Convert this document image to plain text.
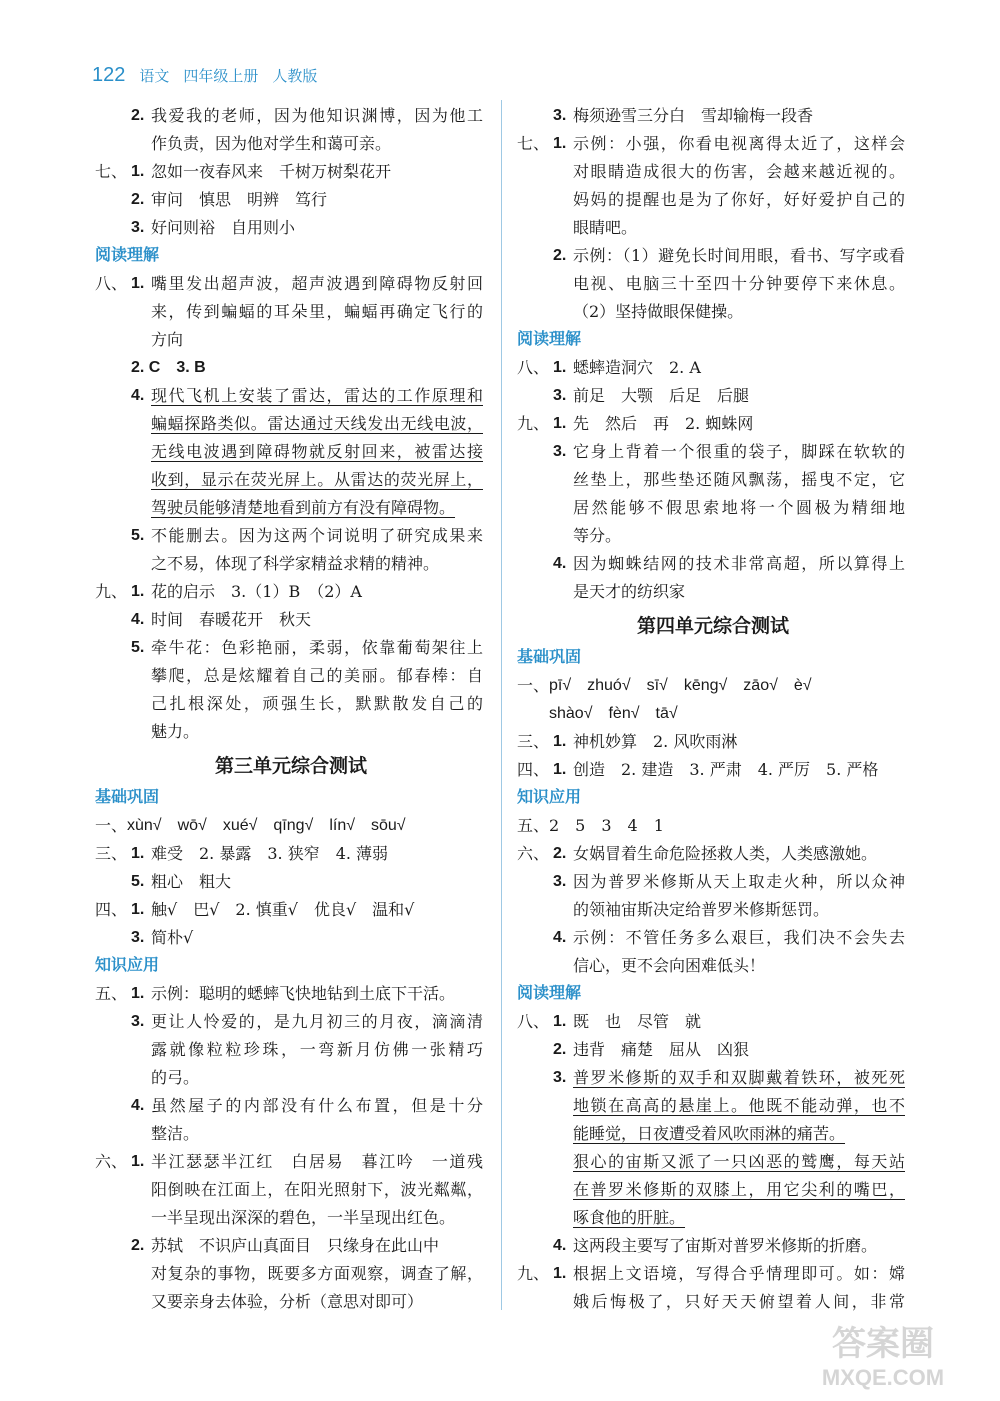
122 语文 四年级上册 人教版
2. 我爱我的老师，因为他知识渊博，因为他工
作负责，因为他对学生和蔼可亲。
七、 1. 忽如一夜春风来　千树万树梨花开
2. 审问　慎思　明辨　笃行
3. 好问则裕　自用则小
阅读理解
八、 1. 嘴里发出超声波，超声波遇到障碍物反射回
来，传到蝙蝠的耳朵里，蝙蝠再确定飞行的
方向
2. C　3. B
4. 现代飞机上安装了雷达，雷达的工作原理和
蝙蝠探路类似。雷达通过天线发出无线电波，
无线电波遇到障碍物就反射回来，被雷达接
收到，显示在荧光屏上。从雷达的荧光屏上，
驾驶员能够清楚地看到前方有没有障碍物。
5. 不能删去。因为这两个词说明了研究成果来
之不易，体现了科学家精益求精的精神。
九、 1. 花的启示　3.（1）B　（2）A
4. 时间　春暖花开　秋天
5. 牵牛花：色彩艳丽，柔弱，依靠葡萄架往上
攀爬，总是炫耀着自己的美丽。郁春棒：自
己扎根深处，顽强生长，默默散发自己的
魅力。
第三单元综合测试
基础巩固
一、 xùn√　wō√　xué√　qīng√　lín√　sōu√
三、 1. 难受　2. 暴露　3. 狭窄　4. 薄弱
5. 粗心　粗大
四、 1. 触√　巴√　2. 慎重√　优良√　温和√
3. 简朴√
知识应用
五、 1. 示例：聪明的蟋蟀飞快地钻到土底下干活。
3. 更让人怜爱的，是九月初三的月夜，滴滴清
露就像粒粒珍珠，一弯新月仿佛一张精巧
的弓。
4. 虽然屋子的内部没有什么布置，但是十分
整洁。
六、 1. 半江瑟瑟半江红　白居易　暮江吟　一道残
阳倒映在江面上，在阳光照射下，波光粼粼，
一半呈现出深深的碧色，一半呈现出红色。
2. 苏轼　不识庐山真面目　只缘身在此山中
对复杂的事物，既要多方面观察，调查了解，
又要亲身去体验，分析（意思对即可）
3. 梅须逊雪三分白　雪却输梅一段香
七、 1. 示例：小强，你看电视离得太近了，这样会
对眼睛造成很大的伤害，会越来越近视的。
妈妈的提醒也是为了你好，好好爱护自己的
眼睛吧。
2. 示例：（1）避免长时间用眼，看书、写字或看
电视、电脑三十至四十分钟要停下来休息。
（2）坚持做眼保健操。
阅读理解
八、 1. 蟋蟀造洞穴　2. A
3. 前足　大颚　后足　后腿
九、 1. 先　然后　再　2. 蜘蛛网
3. 它身上背着一个很重的袋子，脚踩在软软的
丝垫上，那些垫还随风飘荡，摇曳不定，它
居然能够不假思索地将一个圆极为精细地
等分。
4. 因为蜘蛛结网的技术非常高超，所以算得上
是天才的纺织家
第四单元综合测试
基础巩固
一、 pī√　zhuó√　sī√　kēng√　zāo√　è√
shào√　fèn√　tā√
三、 1. 神机妙算　2. 风吹雨淋
四、 1. 创造　2. 建造　3. 严肃　4. 严厉　5. 严格
知识应用
五、 2　5　3　4　1
六、 2. 女娲冒着生命危险拯救人类，人类感激她。
3. 因为普罗米修斯从天上取走火种，所以众神
的领袖宙斯决定给普罗米修斯惩罚。
4. 示例：不管任务多么艰巨，我们决不会失去
信心，更不会向困难低头！
阅读理解
八、 1. 既　也　尽管　就
2. 违背　痛楚　屈从　凶狠
3. 普罗米修斯的双手和双脚戴着铁环，被死死
地锁在高高的悬崖上。他既不能动弹，也不
能睡觉，日夜遭受着风吹雨淋的痛苦。
狠心的宙斯又派了一只凶恶的鹫鹰，每天站
在普罗米修斯的双膝上，用它尖利的嘴巴，
啄食他的肝脏。
4. 这两段主要写了宙斯对普罗米修斯的折磨。
九、 1. 根据上文语境，写得合乎情理即可。如：嫦
娥后悔极了，只好天天俯望着人间，非常
答案圈
MXQE.COM
